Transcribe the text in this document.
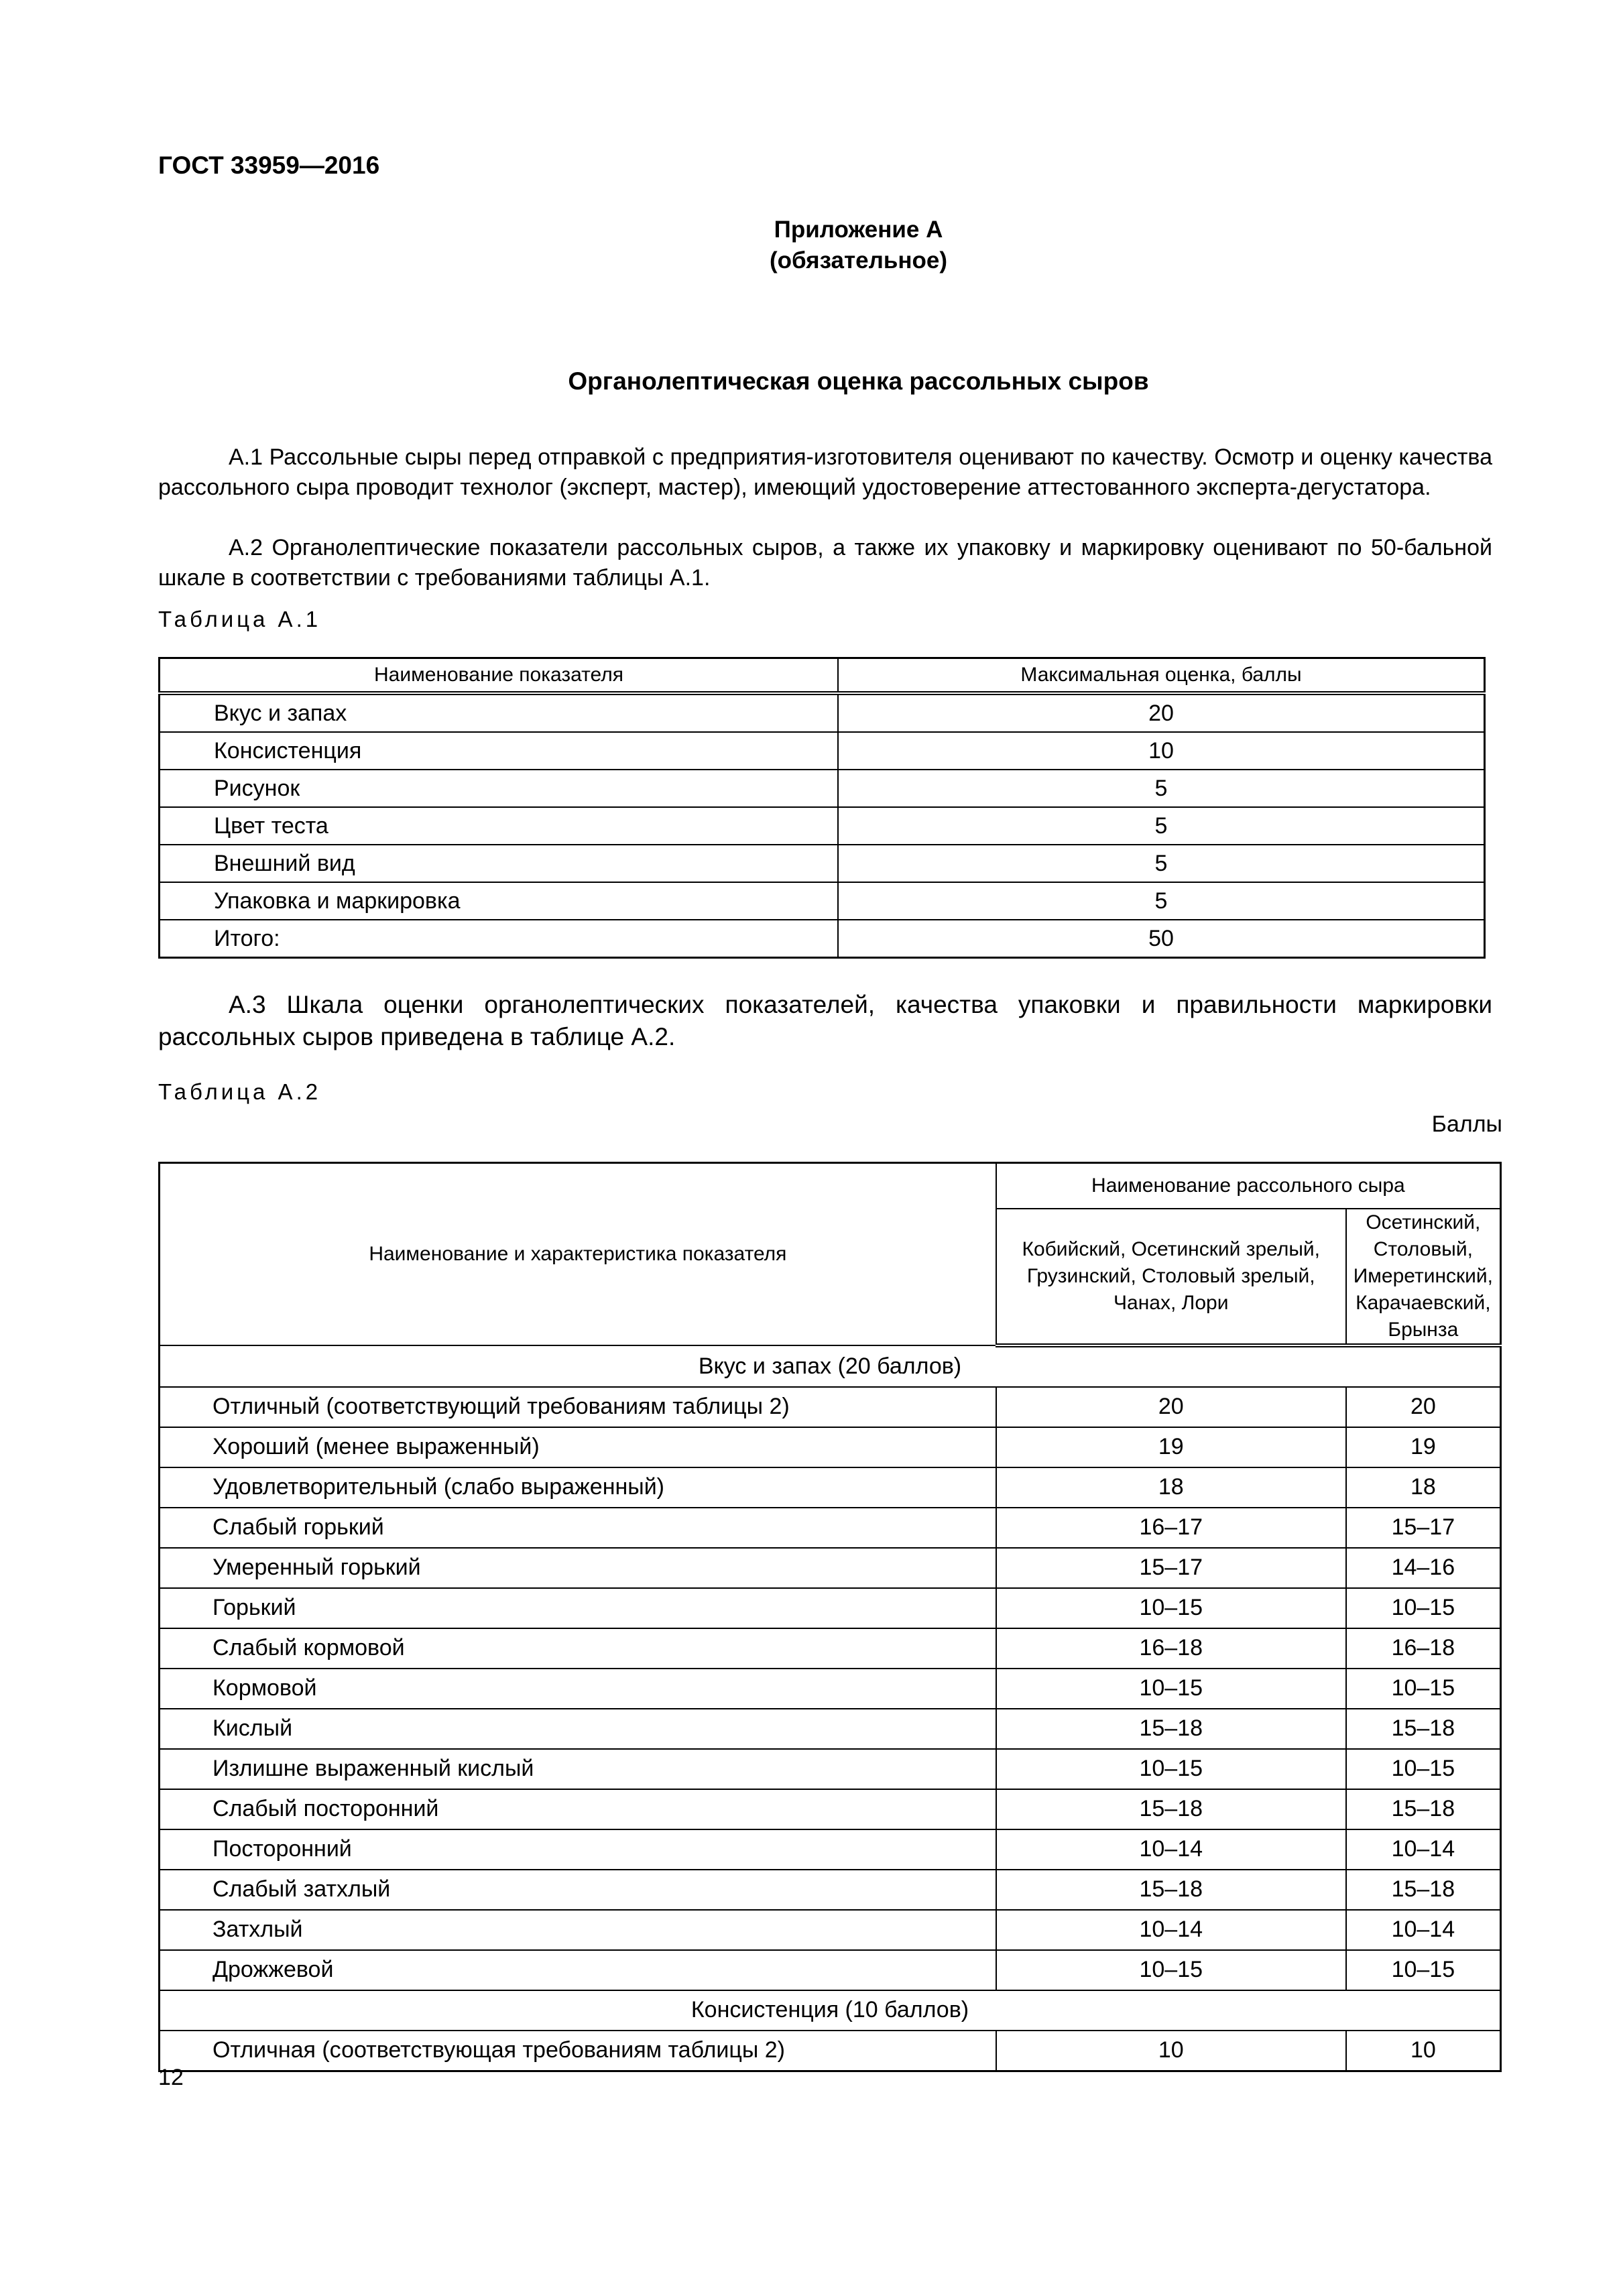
ГОСТ 33959—2016
Приложение А
(обязательное)
Органолептическая оценка рассольных сыров
А.1 Рассольные сыры перед отправкой с предприятия-изготовителя оценивают по качеству. Осмотр и оценку качества рассольного сыра проводит технолог (эксперт, мастер), имеющий удостоверение аттестованного эксперта-дегустатора.
А.2 Органолептические показатели рассольных сыров, а также их упаковку и маркировку оценивают по 50-бальной шкале в соответствии с требованиями таблицы А.1.
Таблица А.1
Наименование показателя	Максимальная оценка, баллы
Вкус и запах	20
Консистенция	10
Рисунок	5
Цвет теста	5
Внешний вид	5
Упаковка и маркировка	5
Итого:	50
А.3 Шкала оценки органолептических показателей, качества упаковки и правильности маркировки рассольных сыров приведена в таблице А.2.
Таблица А.2
Баллы
Наименование и характеристика показателя	Наименование рассольного сыра	
	Кобийский, Осетинский зрелый, Грузинский, Столовый зрелый, Чанах, Лори	Осетинский, Столовый, Имеретинский, Карачаевский, Брынза
Вкус и запах (20 баллов)		
Отличный (соответствующий требованиям таблицы 2)	20	20
Хороший (менее выраженный)	19	19
Удовлетворительный (слабо выраженный)	18	18
Слабый горький	16–17	15–17
Умеренный горький	15–17	14–16
Горький	10–15	10–15
Слабый кормовой	16–18	16–18
Кормовой	10–15	10–15
Кислый	15–18	15–18
Излишне выраженный кислый	10–15	10–15
Слабый посторонний	15–18	15–18
Посторонний	10–14	10–14
Слабый затхлый	15–18	15–18
Затхлый	10–14	10–14
Дрожжевой	10–15	10–15
Консистенция (10 баллов)		
Отличная (соответствующая требованиям таблицы 2)	10	10
12
